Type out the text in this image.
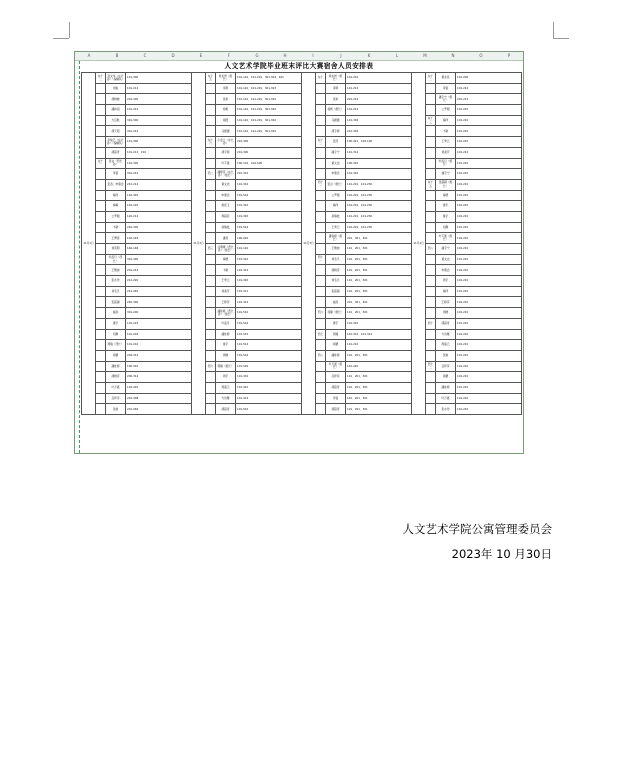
A	B	C	D	E	F	G	H	I	J	K	L	M	N	O	P
人文艺术学院毕业班末评比大赛宿舍人员安排表
11月1日	东十二	吴文华（东长孙）（编辑队）	101-300	11月2日	东十五	徐永昂（组长）	101-110、101-201、301-303、401	11月3日	东十	徐永昂（组长）	101-210	11月4日	东十二	黄永民	101-200
		刘锐	101-212			李斯	101-110、101-201、301-303			李斯	101-212			李铭	101-212
		胡晓晓	201-300			张弟	101-110、101-201、301-302			张弟	201-212			潘宇宁（组长）	201-212
		潘林羽	101-212			杨帆	101-110、101-201、301-302			杨帆（组长）	101-212			公罗刚	101-210
		方启航	301-300			胡葭	101-110、101-201、301-302			马媛媛	101-302		东十三	梅洋	101-210
		胡天昭	301-212			马媛媛	101-110、101-201、301-302			胡宇婷	212-302			卞敏	101-210
		李俊艺（东长孙）（编辑队）	101-300		东十六	牛金兰（东长孙）	201-300		东十二	张涛	100-321、100-100			王秀云	101-210
		胡超奇	101-212、210			胡宇婷	201-300			潘宇宁	101-312			刘美芳	101-212
	东十一	张言（西长孙）	101-300			叶芊蕾	100-101、410-500			黄文洁	100-310			叶泓月（组长）	101-210
		李铭	301-212		西二	潘婷萍（东长孙）（组长）	201-301			申慕会	101-310			潘宇宁	101-210
		张涛、申慕会	212-212			黄文洁	101-310		西十一	张言（组长）	101-201、101-230		东十五	张超越（组长）	101-210
		梅洋	116-320			申慕会	101-510			公罗刚	101-201、101-230			梅德	101-210
		梅梅	116-120			施延玉	101-310			梅洋	101-201、101-230			唐宇	101-210
		公罗刚	120-212			周超若	101-320			孙瑞枝	101-201、101-230			鲁宇	101-210
		卞敏	216-300			孙瑞枝	101-524			王秀云	101-201、101-230			何静	101-210
		王博思	116-145			潘雯	100-220			潘铁婷（组长）	201、301、401			叶芊蕾（组长）	101-210
		刘英明	146-146		西三	任明晴（西长孙）（组长）	101-110			王雅迪	101、201、301		西八	潘宇宁	101-210
		叶泓月（西长）	301-300			梅德	101-310		西十一	刘名凡	101、201、301			黄文洁	101-210
		王雅迪	201-212			卞敏	101-312			胡晓萍	101、201、301			申慕会	101-210
		张水玲	212-220			王秀云	101-320			刘名凡	101、201、301			周宇	101-210
		刘名凡	221-240			刘美芳	101-311			张超越	101、201、301			梅洋	101-210
		张超越	220-300			王婷萍	101-312			崔添	201、301、401			王婷萍	101-210
		崔添	301-200			潘铁婷（西长孙）（组长）	101-510		西六	何静（组长）	101、201、301			周晓	101-210
		唐宇	101-122			叶泓月	101-510			唐宇	101-310		西十	胡超奇	101-210
		何静	101-202			潘桂婷	101-515		西七	周瑞	101-310、101-314			方诗雅	101-210
		周瑞（西长）	101-210			鲁宇	101-512			胡栖	101-210			周骆云	101-210
		胡栖	204-312			周晓	101-510		西八	潘桂婷	101、201、301			张姚	101-210
		潘桂婷	100-310		西六	郭楠（组长）	101-520			叶万嘉（组长）	101-220		西十二	吕梓萍	101-210
		胡晓萍	200-314			周宇	101-301			吕梓萍	101、201、301			胡栖	101-210
		叶万嘉	116-220			周骆云	101-410			胡超奇	101、201、301			潘桂婷	101-210
		吕梓萍	201-308			方诗雅	101-413			李铭	101、201、301			叶万嘉	101-210
		张姚	210-246			胡超奇	101-510			胡超奇	101、201、301			张水玲	101-210
人文艺术学院公寓管理委员会
2023年 10 月30日
